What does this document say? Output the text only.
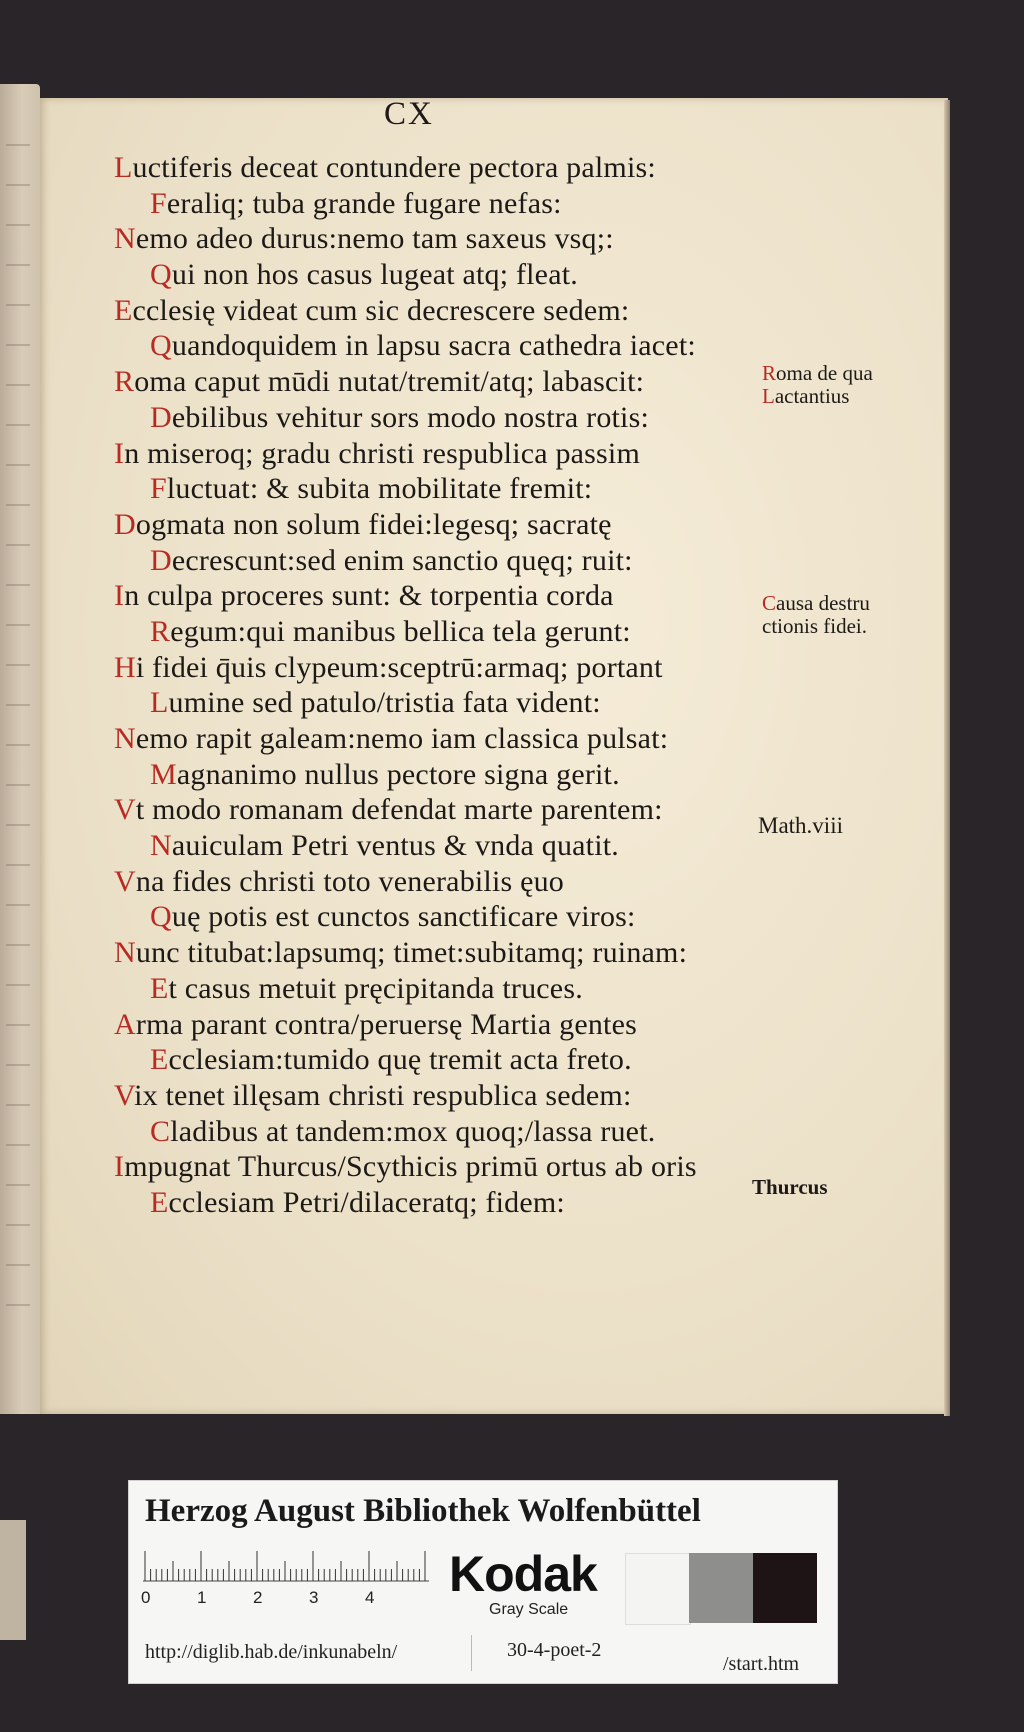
CX
Luctiferis deceat contundere pectora palmis:
Feraliq; tuba grande fugare nefas:
Nemo adeo durus:nemo tam saxeus vsq;:
Qui non hos casus lugeat atq; fleat.
Ecclesię videat cum sic decrescere sedem:
Quandoquidem in lapsu sacra cathedra iacet:
Roma caput mūdi nutat/tremit/atq; labascit:
Debilibus vehitur sors modo nostra rotis:
In miseroq; gradu christi respublica passim
Fluctuat: & subita mobilitate fremit:
Dogmata non solum fidei:legesq; sacratę
Decrescunt:sed enim sanctio quęq; ruit:
In culpa proceres sunt: & torpentia corda
Regum:qui manibus bellica tela gerunt:
Hi fidei q̄uis clypeum:sceptrū:armaq; portant
Lumine sed patulo/tristia fata vident:
Nemo rapit galeam:nemo iam classica pulsat:
Magnanimo nullus pectore signa gerit.
Vt modo romanam defendat marte parentem:
Nauiculam Petri ventus & vnda quatit.
Vna fides christi toto venerabilis ęuo
Quę potis est cunctos sanctificare viros:
Nunc titubat:lapsumq; timet:subitamq; ruinam:
Et casus metuit pręcipitanda truces.
Arma parant contra/peruersę Martia gentes
Ecclesiam:tumido quę tremit acta freto.
Vix tenet illęsam christi respublica sedem:
Cladibus at tandem:mox quoq;/lassa ruet.
Impugnat Thurcus/Scythicis primū ortus ab oris
Ecclesiam Petri/dilaceratq; fidem:
Roma de qua
Lactantius
Causa destru
ctionis fidei.
Math.viii
Thurcus
Herzog August Bibliothek Wolfenbüttel
0	1	2	3	4 Kodak
Gray Scale
http://diglib.hab.de/inkunabeln/	30-4-poet-2
/start.htm
